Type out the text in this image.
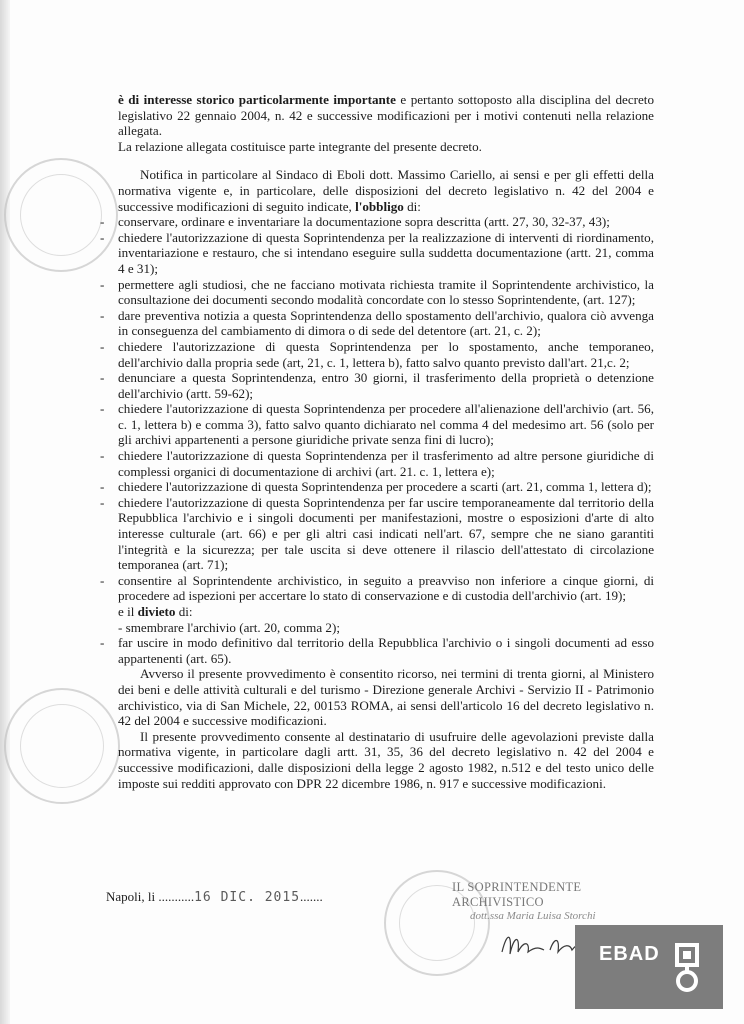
è di interesse storico particolarmente importante e pertanto sottoposto alla disciplina del decreto legislativo 22 gennaio 2004, n. 42 e successive modificazioni per i motivi contenuti nella relazione allegata.

La relazione allegata costituisce parte integrante del presente decreto.

Notifica in particolare al Sindaco di Eboli dott. Massimo Cariello, ai sensi e per gli effetti della normativa vigente e, in particolare, delle disposizioni del decreto legislativo n. 42 del 2004 e successive modificazioni di seguito indicate, l'obbligo di:

- conservare, ordinare e inventariare la documentazione sopra descritta (artt. 27, 30, 32-37, 43);
- chiedere l'autorizzazione di questa Soprintendenza per la realizzazione di interventi di riordinamento, inventariazione e restauro, che si intendano eseguire sulla suddetta documentazione (artt. 21, comma 4 e 31);
- permettere agli studiosi, che ne facciano motivata richiesta tramite il Soprintendente archivistico, la consultazione dei documenti secondo modalità concordate con lo stesso Soprintendente, (art. 127);
- dare preventiva notizia a questa Soprintendenza dello spostamento dell'archivio, qualora ciò avvenga in conseguenza del cambiamento di dimora o di sede del detentore (art. 21, c. 2);
- chiedere l'autorizzazione di questa Soprintendenza per lo spostamento, anche temporaneo, dell'archivio dalla propria sede (art, 21, c. 1, lettera b), fatto salvo quanto previsto dall'art. 21,c. 2;
- denunciare a questa Soprintendenza, entro 30 giorni, il trasferimento della proprietà o detenzione dell'archivio (artt. 59-62);
- chiedere l'autorizzazione di questa Soprintendenza per procedere all'alienazione dell'archivio (art. 56, c. 1, lettera b) e comma 3), fatto salvo quanto dichiarato nel comma 4 del medesimo art. 56 (solo per gli archivi appartenenti a persone giuridiche private senza fini di lucro);
- chiedere l'autorizzazione di questa Soprintendenza per il trasferimento ad altre persone giuridiche di complessi organici di documentazione di archivi (art. 21. c. 1, lettera e);
- chiedere l'autorizzazione di questa Soprintendenza per procedere a scarti (art. 21, comma 1, lettera d);
- chiedere l'autorizzazione di questa Soprintendenza per far uscire temporaneamente dal territorio della Repubblica l'archivio e i singoli documenti per manifestazioni, mostre o esposizioni d'arte di alto interesse culturale (art. 66) e per gli altri casi indicati nell'art. 67, sempre che ne siano garantiti l'integrità e la sicurezza; per tale uscita si deve ottenere il rilascio dell'attestato di circolazione temporanea (art. 71);
- consentire al Soprintendente archivistico, in seguito a preavviso non inferiore a cinque giorni, di procedere ad ispezioni per accertare lo stato di conservazione e di custodia dell'archivio (art. 19);

e il divieto di:

- smembrare l'archivio (art. 20, comma 2);

- far uscire in modo definitivo dal territorio della Repubblica l'archivio o i singoli documenti ad esso appartenenti (art. 65).

Avverso il presente provvedimento è consentito ricorso, nei termini di trenta giorni, al Ministero dei beni e delle attività culturali e del turismo - Direzione generale Archivi - Servizio II - Patrimonio archivistico, via di San Michele, 22, 00153 ROMA, ai sensi dell'articolo 16 del decreto legislativo n. 42 del 2004 e successive modificazioni.

Il presente provvedimento consente al destinatario di usufruire delle agevolazioni previste dalla normativa vigente, in particolare dagli artt. 31, 35, 36 del decreto legislativo n. 42 del 2004 e successive modificazioni, dalle disposizioni della legge 2 agosto 1982, n.512 e del testo unico delle imposte sui redditi approvato con DPR 22 dicembre 1986, n. 917 e successive modificazioni.

Napoli, li ...........16 DIC. 2015.......
IL SOPRINTENDENTE ARCHIVISTICO
dott.ssa Maria Luisa Storchi
EBAD
